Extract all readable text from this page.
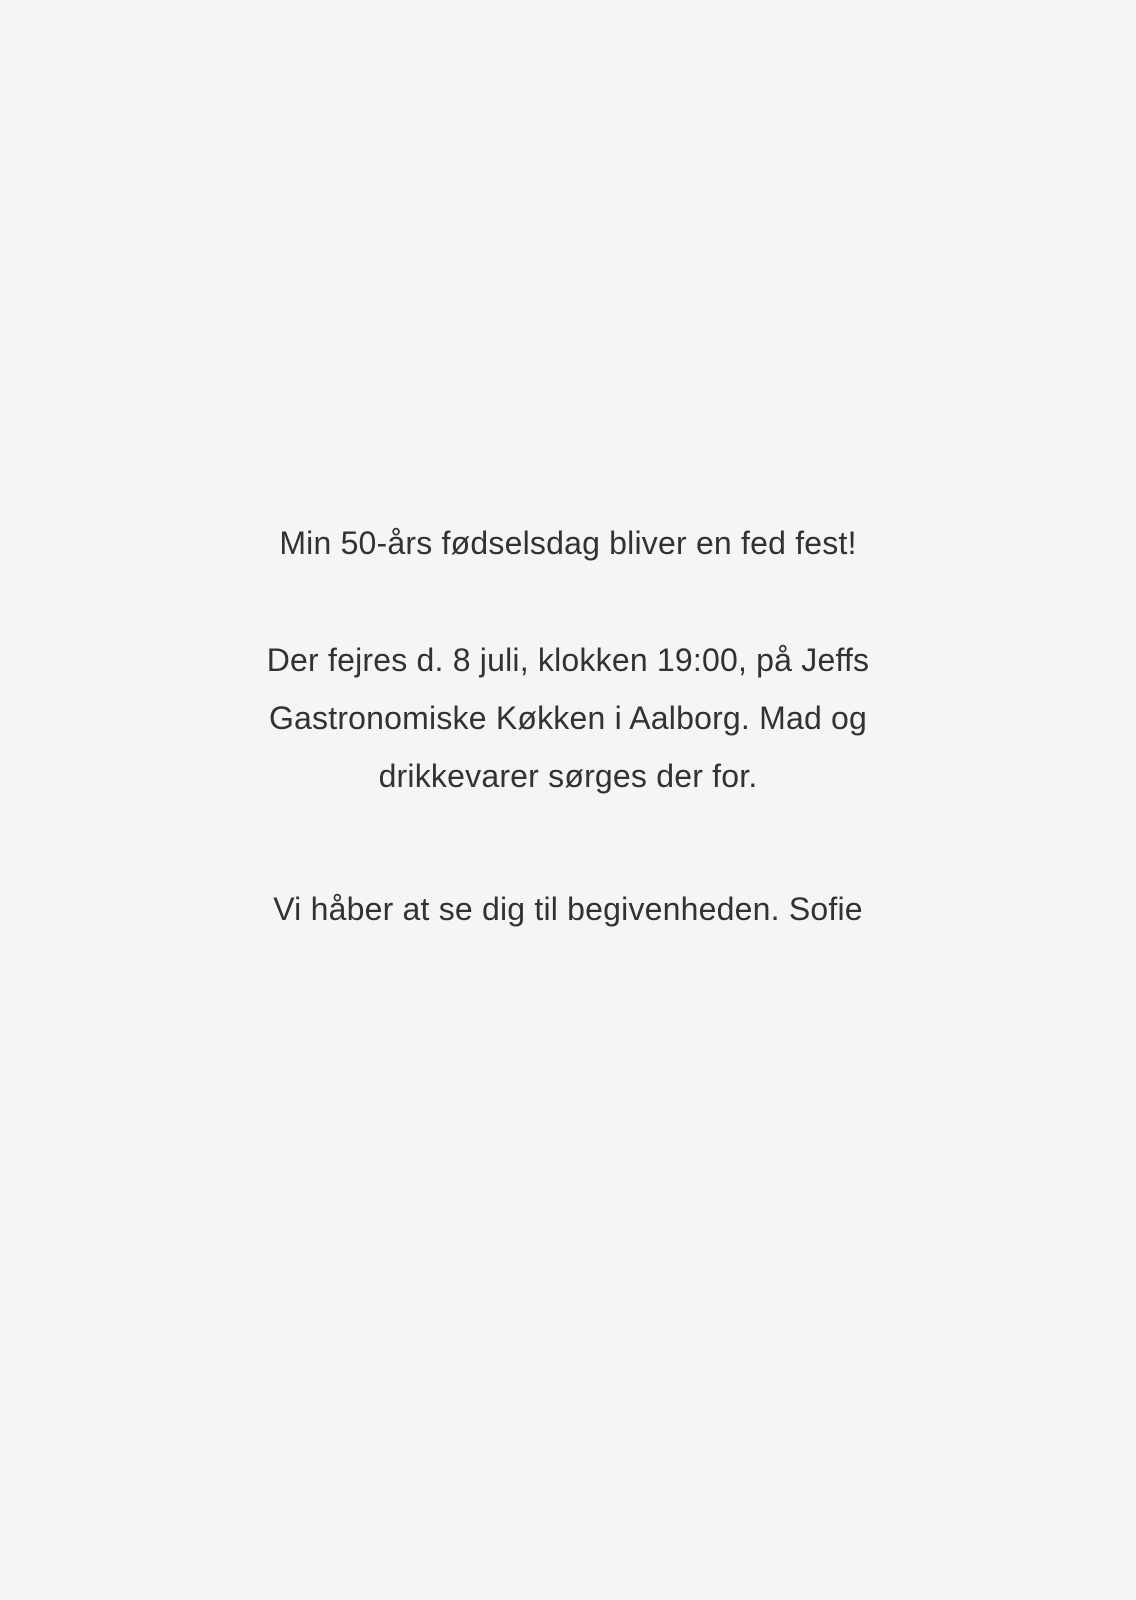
Min 50-års fødselsdag bliver en fed fest!

Der fejres d. 8 juli, klokken 19:00, på Jeffs Gastronomiske Køkken i Aalborg. Mad og drikkevarer sørges der for.

Vi håber at se dig til begivenheden. Sofie
